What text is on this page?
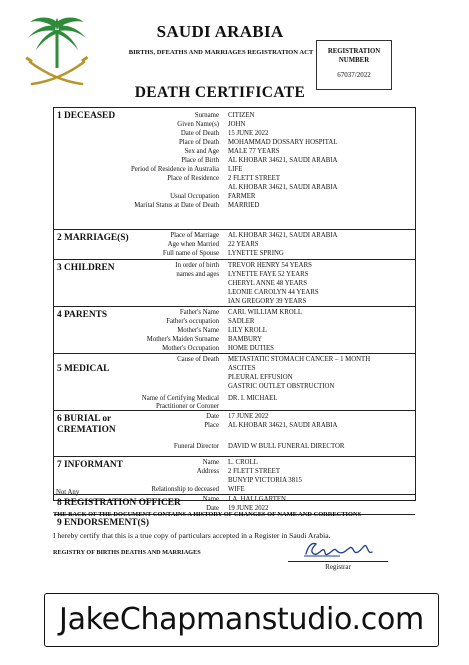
SAUDI ARABIA
BIRTHS, DFEATHS AND MARRIAGES REGISTRATION ACT	REGISTRATION
NUMBER
67037/2022
DEATH CERTIFICATE
1 DECEASED	Surname CITIZEN
Given Name(s) JOHN
Date of Death 15 JUNE 2022
Place of Death MOHAMMAD DOSSARY HOSPITAL
Sex and Age MALE 77 YEARS
Place of Birth AL KHOBAR 34621, SAUDI ARABIA
Period of Residence in Australia LIFE
Place of Residence 2 FLETT STREET
AL KHOBAR 34621, SAUDI ARABIA
Usual Occupation FARMER
Marital Status at Date of Death MARRIED
2 MARRIAGE(S)	Place of Marriage AL KHOBAR 34621, SAUDI ARABIA
Age when Married 22 YEARS
Full name of Spouse LYNETTE SPRING
3 CHILDREN	In order of birth TREVOR HENRY 54 YEARS
names and ages LYNETTE FAYE 52 YEARS
CHERYL ANNE 48 YEARS
LEONIE CAROLYN 44 YEARS
IAN GREGORY 39 YEARS
4 PARENTS	Father's Name CARL WILLIAM KROLL
Father's occupation SADLER
Mother's Name LILY KROLL
Mother's Maiden Surname BAMBURY
Mother's Occupation HOME DUTIES
5 MEDICAL
Cause of Death METASTATIC STOMACH CANCER – 1 MONTH
ASCITES
PLEURAL EFFUSION
GASTRIC OUTLET OBSTRUCTION
Name of Certifying Medical DR. I. MICHAEL
Practitioner or Coroner
6 BURIAL or
CREMATION
Date 17 JUNE 2022
Place AL KHOBAR 34621, SAUDI ARABIA
Funeral Director DAVID W BULL FUNERAL DIRECTOR
7 INFORMANT	Name L. CROLL
Address 2 FLETT STREET
BUNYIP VICTORIA 3815
Relationship to deceased WIFE
8 REGISTRATION OFFICER	Name J.A. HALLGARTEN
Date 19 JUNE 2022
9 ENDORSEMENT(S)
Not Any
THE BACK OF THE DOCUMENT CONTAINS A HISTORY OF CHANGES OF NAME AND CORRECTIONS
I hereby certify that this is a true copy of particulars accepted in a Register in Saudi Arabia.
REGISTRY OF BIRTHS DEATHS AND MARRIAGES
Registrar
JakeChapmanstudio.com
